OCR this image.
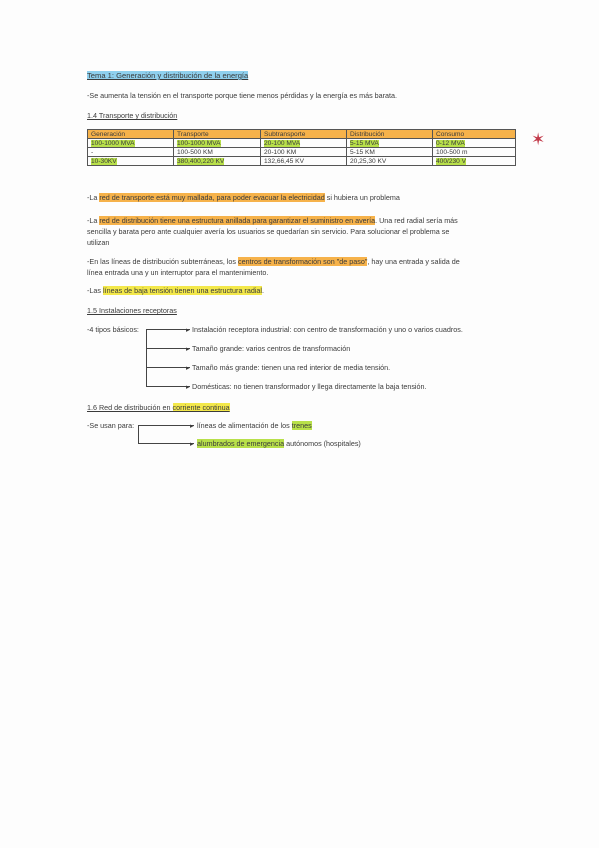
Tema 1: Generación y distribución de la energía
-Se aumenta la tensión en el transporte porque tiene menos pérdidas y la energía es más barata.
1.4 Transporte y distribución
Generación	Transporte	Subtransporte	Distribución	Consumo
100-1000 MVA	100-1000 MVA	20-100 MVA	5-15 MVA	0-12 MVA
-	100-500 KM	20-100 KM	5-15 KM	100-500 m
10-30KV	380,400,220 KV	132,66,45 KV	20,25,30 KV	400/230 V
✶
-La red de transporte está muy mallada, para poder evacuar la electricidad si hubiera un problema
-La red de distribución tiene una estructura anillada para garantizar el suministro en avería. Una red radial sería más
sencilla y barata pero ante cualquier avería los usuarios se quedarían sin servicio. Para solucionar el problema se
utilizan
-En las líneas de distribución subterráneas, los centros de transformación son "de paso", hay una entrada y salida de
línea entrada una y un interruptor para el mantenimiento.
-Las líneas de baja tensión tienen una estructura radial.
1.5 Instalaciones receptoras
-4 tipos básicos:	▸
▸
▸
▸
Instalación receptora industrial: con centro de transformación y uno o varios cuadros.
Tamaño grande: varios centros de transformación
Tamaño más grande: tienen una red interior de media tensión.
Domésticas: no tienen transformador y llega directamente la baja tensión.
1.6 Red de distribución en corriente continua
-Se usan para:	▸
▸
líneas de alimentación de los trenes
alumbrados de emergencia autónomos (hospitales)
